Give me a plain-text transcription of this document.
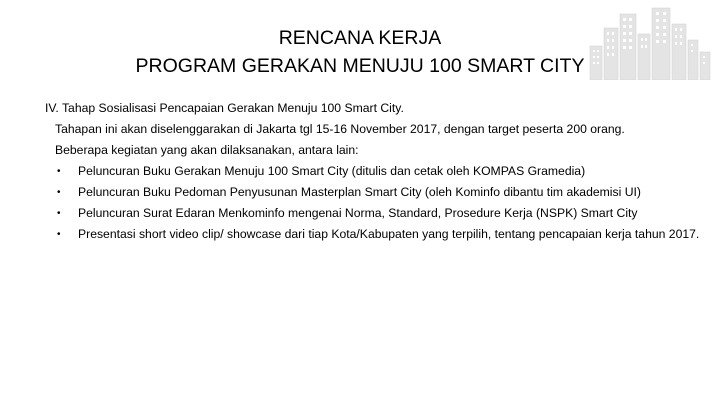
RENCANA KERJA
PROGRAM GERAKAN MENUJU 100 SMART CITY
IV. Tahap Sosialisasi Pencapaian Gerakan Menuju 100 Smart City.
Tahapan ini akan diselenggarakan di Jakarta tgl 15-16 November 2017, dengan target peserta 200 orang.
Beberapa kegiatan yang akan dilaksanakan, antara lain:
•	Peluncuran Buku Gerakan Menuju 100 Smart City (ditulis dan cetak oleh KOMPAS Gramedia)
•	Peluncuran Buku Pedoman Penyusunan Masterplan Smart City (oleh Kominfo dibantu tim akademisi UI)
•	Peluncuran Surat Edaran Menkominfo mengenai Norma, Standard, Prosedure Kerja (NSPK) Smart City
•	Presentasi short video clip/ showcase dari tiap Kota/Kabupaten yang terpilih, tentang pencapaian kerja tahun 2017.
